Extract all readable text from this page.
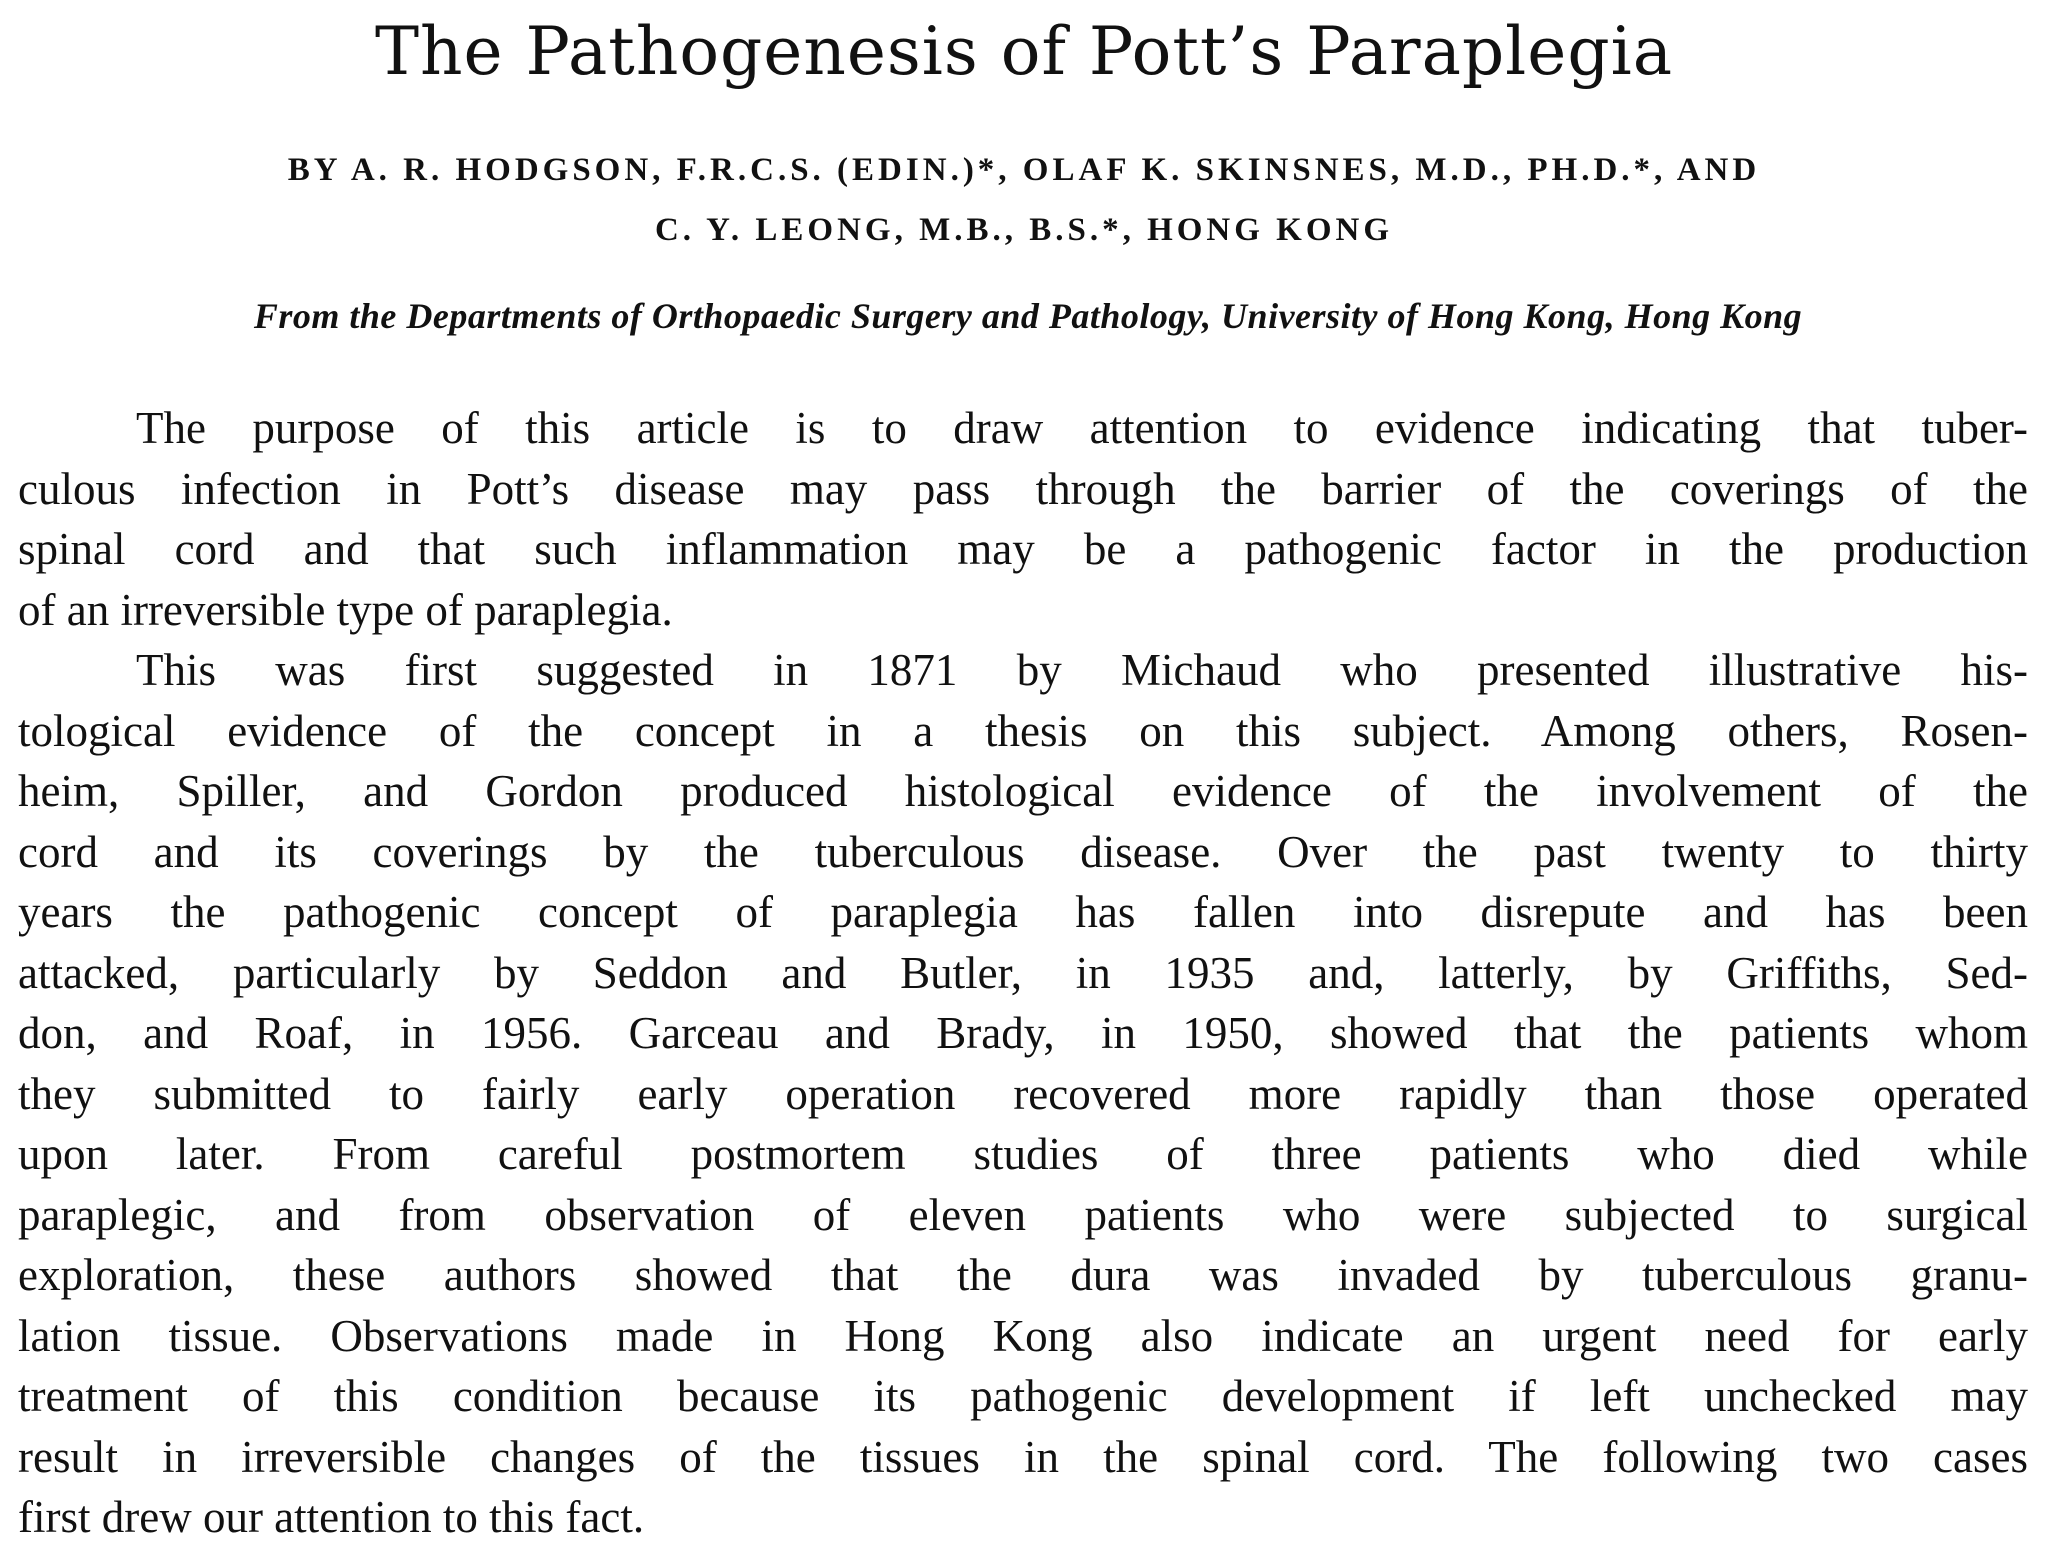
The Pathogenesis of Pott’s Paraplegia

BY A. R. HODGSON, F.R.C.S. (EDIN.)*, OLAF K. SKINSNES, M.D., PH.D.*, AND

C. Y. LEONG, M.B., B.S.*, HONG KONG

From the Departments of Orthopaedic Surgery and Pathology, University of Hong Kong, Hong Kong

The purpose of this article is to draw attention to evidence indicating that tuber-
culous infection in Pott’s disease may pass through the barrier of the coverings of the
spinal cord and that such inflammation may be a pathogenic factor in the production
of an irreversible type of paraplegia.
This was first suggested in 1871 by Michaud who presented illustrative his-
tological evidence of the concept in a thesis on this subject. Among others, Rosen-
heim, Spiller, and Gordon produced histological evidence of the involvement of the
cord and its coverings by the tuberculous disease. Over the past twenty to thirty
years the pathogenic concept of paraplegia has fallen into disrepute and has been
attacked, particularly by Seddon and Butler, in 1935 and, latterly, by Griffiths, Sed-
don, and Roaf, in 1956. Garceau and Brady, in 1950, showed that the patients whom
they submitted to fairly early operation recovered more rapidly than those operated
upon later. From careful postmortem studies of three patients who died while
paraplegic, and from observation of eleven patients who were subjected to surgical
exploration, these authors showed that the dura was invaded by tuberculous granu-
lation tissue. Observations made in Hong Kong also indicate an urgent need for early
treatment of this condition because its pathogenic development if left unchecked may
result in irreversible changes of the tissues in the spinal cord. The following two cases
first drew our attention to this fact.
